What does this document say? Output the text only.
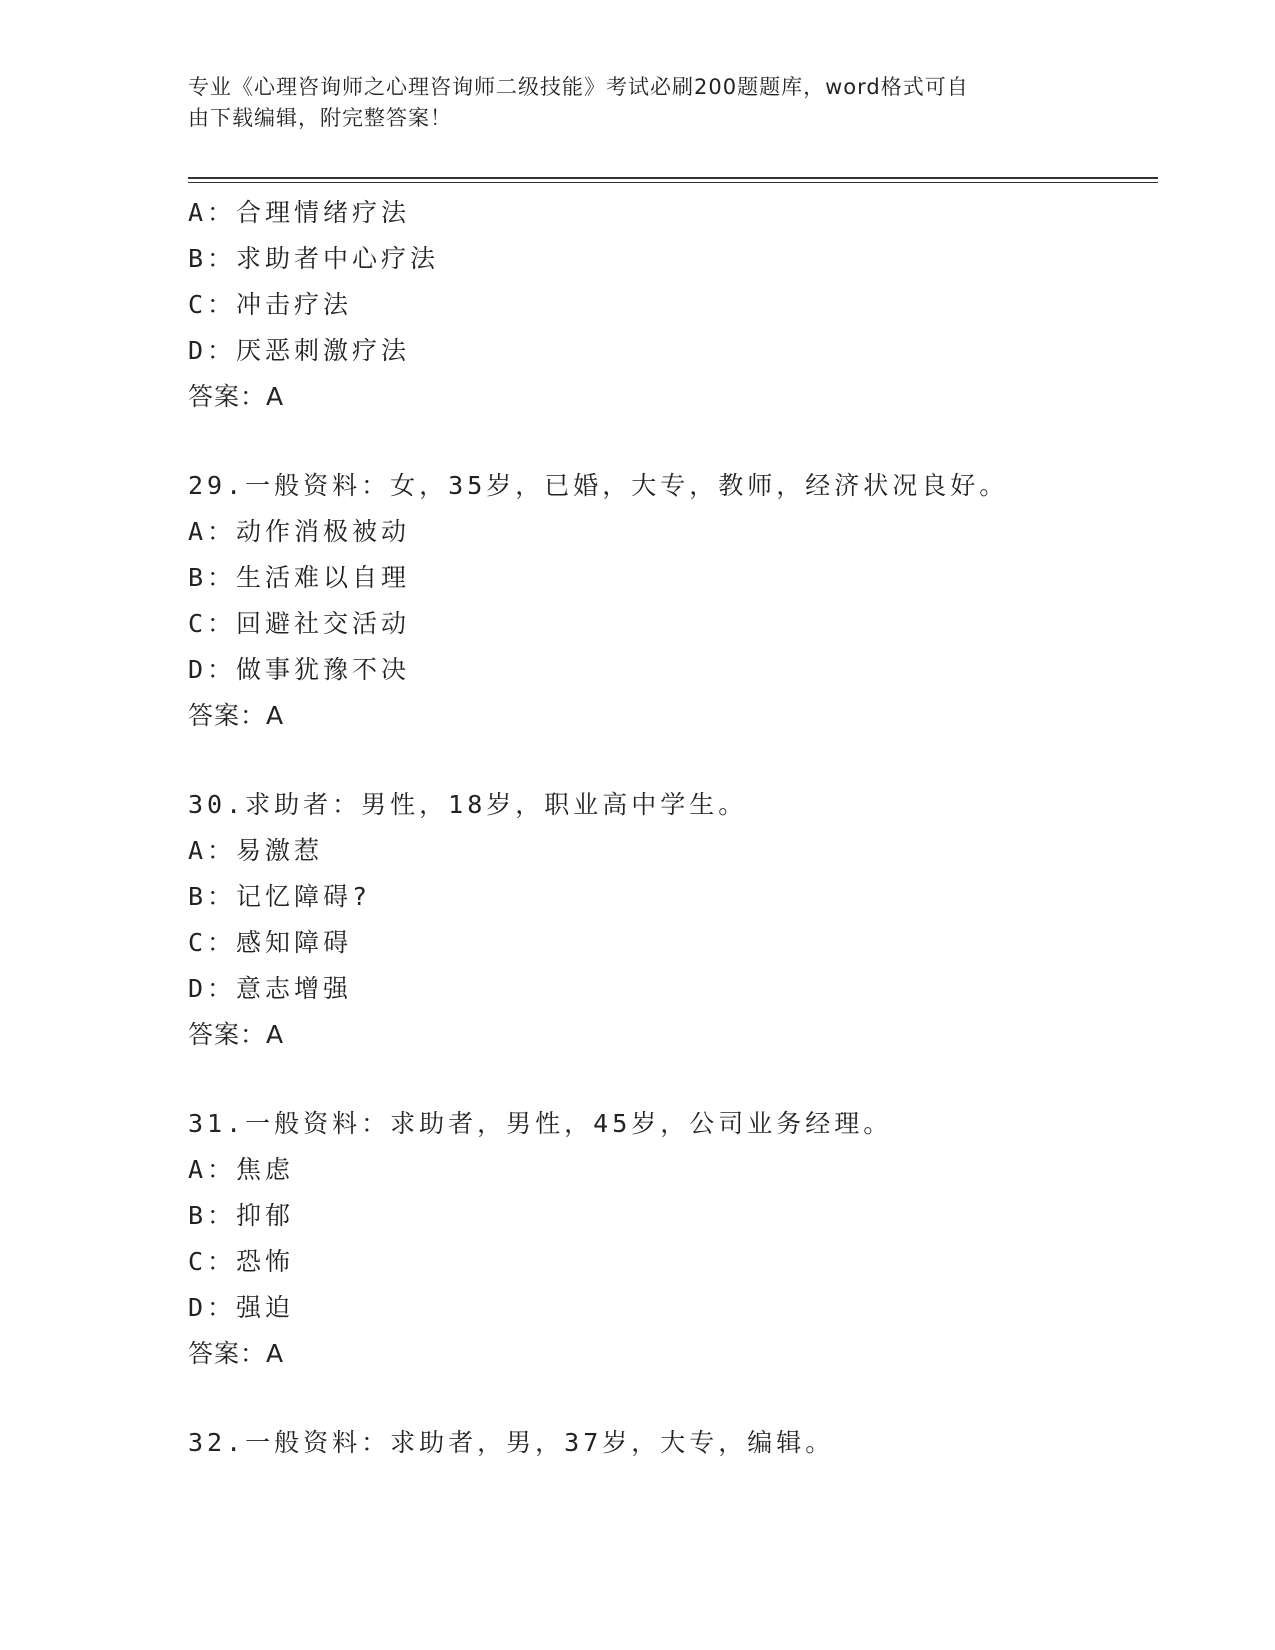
专业《心理咨询师之心理咨询师二级技能》考试必刷200题题库，word格式可自
由下载编辑，附完整答案！
A：合理情绪疗法
B：求助者中心疗法
C：冲击疗法
D：厌恶刺激疗法
答案：A
29.一般资料：女，35岁，已婚，大专，教师，经济状况良好。
A：动作消极被动
B：生活难以自理
C：回避社交活动
D：做事犹豫不决
答案：A
30.求助者：男性，18岁，职业高中学生。
A：易激惹
B：记忆障碍?
C：感知障碍
D：意志增强
答案：A
31.一般资料：求助者，男性，45岁，公司业务经理。
A：焦虑
B：抑郁
C：恐怖
D：强迫
答案：A
32.一般资料：求助者，男，37岁，大专，编辑。
